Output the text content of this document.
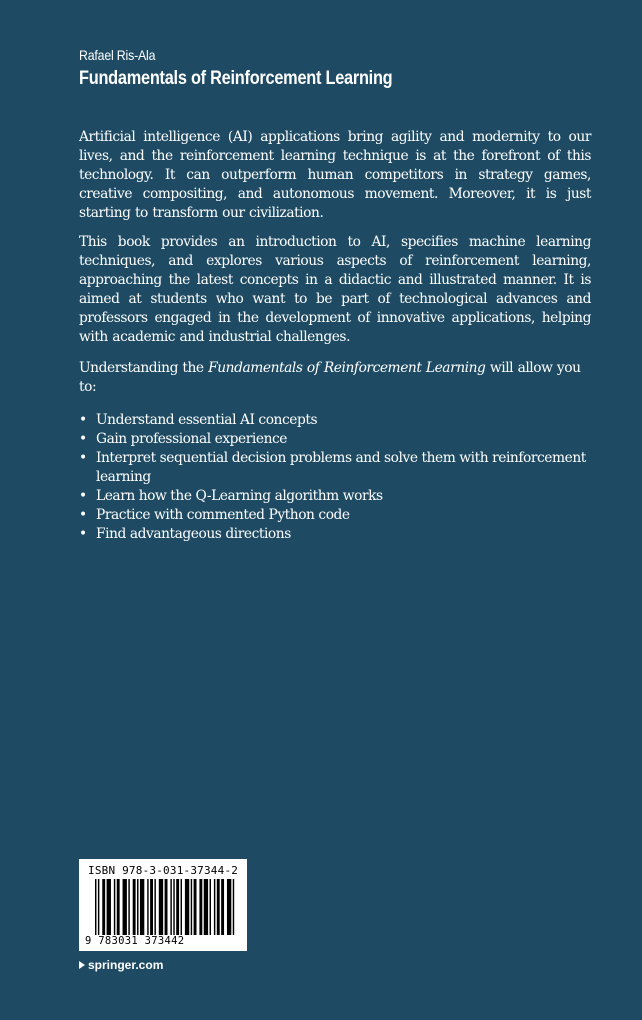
Rafael Ris-Ala
Fundamentals of Reinforcement Learning

Artificial intelligence (AI) applications bring agility and modernity to our lives, and the reinforcement learning technique is at the forefront of this technology. It can outperform human competitors in strategy games, creative compositing, and autonomous movement. Moreover, it is just starting to transform our civilization.

This book provides an introduction to AI, specifies machine learning techniques, and explores various aspects of reinforcement learning, approaching the latest concepts in a didactic and illustrated manner. It is aimed at students who want to be part of technological advances and professors engaged in the development of innovative applications, helping with academic and industrial challenges.

Understanding the Fundamentals of Reinforcement Learning will allow you to:

• Understand essential AI concepts
• Gain professional experience
• Interpret sequential decision problems and solve them with reinforcement learning
• Learn how the Q-Learning algorithm works
• Practice with commented Python code
• Find advantageous directions
ISBN 978-3-031-37344-2
9 783031 373442
springer.com
